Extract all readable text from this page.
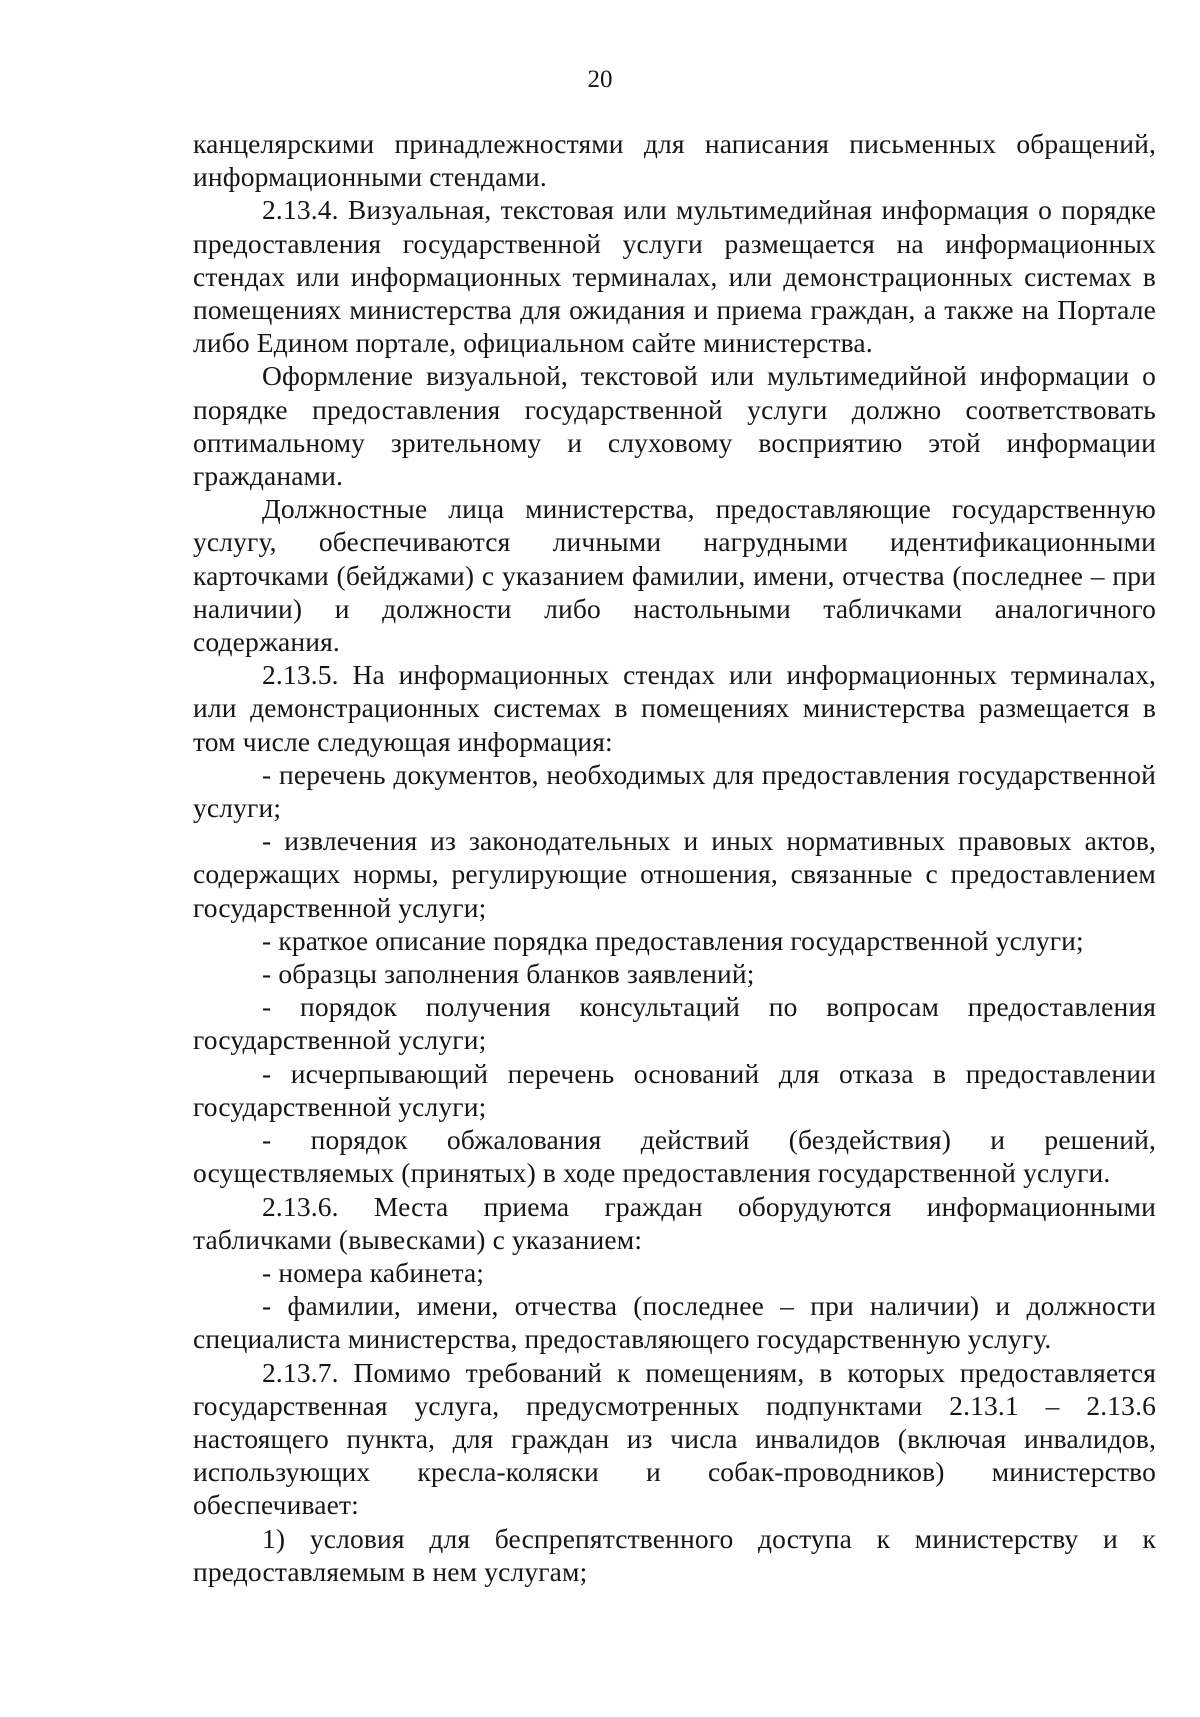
20

канцелярскими принадлежностями для написания письменных обращений, информационными стендами.

2.13.4. Визуальная, текстовая или мультимедийная информация о порядке предоставления государственной услуги размещается на информационных стендах или информационных терминалах, или демонстрационных системах в помещениях министерства для ожидания и приема граждан, а также на Портале либо Едином портале, официальном сайте министерства.

Оформление визуальной, текстовой или мультимедийной информации о порядке предоставления государственной услуги должно соответствовать оптимальному зрительному и слуховому восприятию этой информации гражданами.

Должностные лица министерства, предоставляющие государственную услугу, обеспечиваются личными нагрудными идентификационными карточками (бейджами) с указанием фамилии, имени, отчества (последнее – при наличии) и должности либо настольными табличками аналогичного содержания.

2.13.5. На информационных стендах или информационных терминалах, или демонстрационных системах в помещениях министерства размещается в том числе следующая информация:

- перечень документов, необходимых для предоставления государственной услуги;

- извлечения из законодательных и иных нормативных правовых актов, содержащих нормы, регулирующие отношения, связанные с предоставлением государственной услуги;

- краткое описание порядка предоставления государственной услуги;

- образцы заполнения бланков заявлений;

- порядок получения консультаций по вопросам предоставления государственной услуги;

- исчерпывающий перечень оснований для отказа в предоставлении государственной услуги;

- порядок обжалования действий (бездействия) и решений, осуществляемых (принятых) в ходе предоставления государственной услуги.

2.13.6. Места приема граждан оборудуются информационными табличками (вывесками) с указанием:

- номера кабинета;

- фамилии, имени, отчества (последнее – при наличии) и должности специалиста министерства, предоставляющего государственную услугу.

2.13.7. Помимо требований к помещениям, в которых предоставляется государственная услуга, предусмотренных подпунктами 2.13.1 – 2.13.6 настоящего пункта, для граждан из числа инвалидов (включая инвалидов, использующих кресла-коляски и собак-проводников) министерство обеспечивает:

1) условия для беспрепятственного доступа к министерству и к предоставляемым в нем услугам;
